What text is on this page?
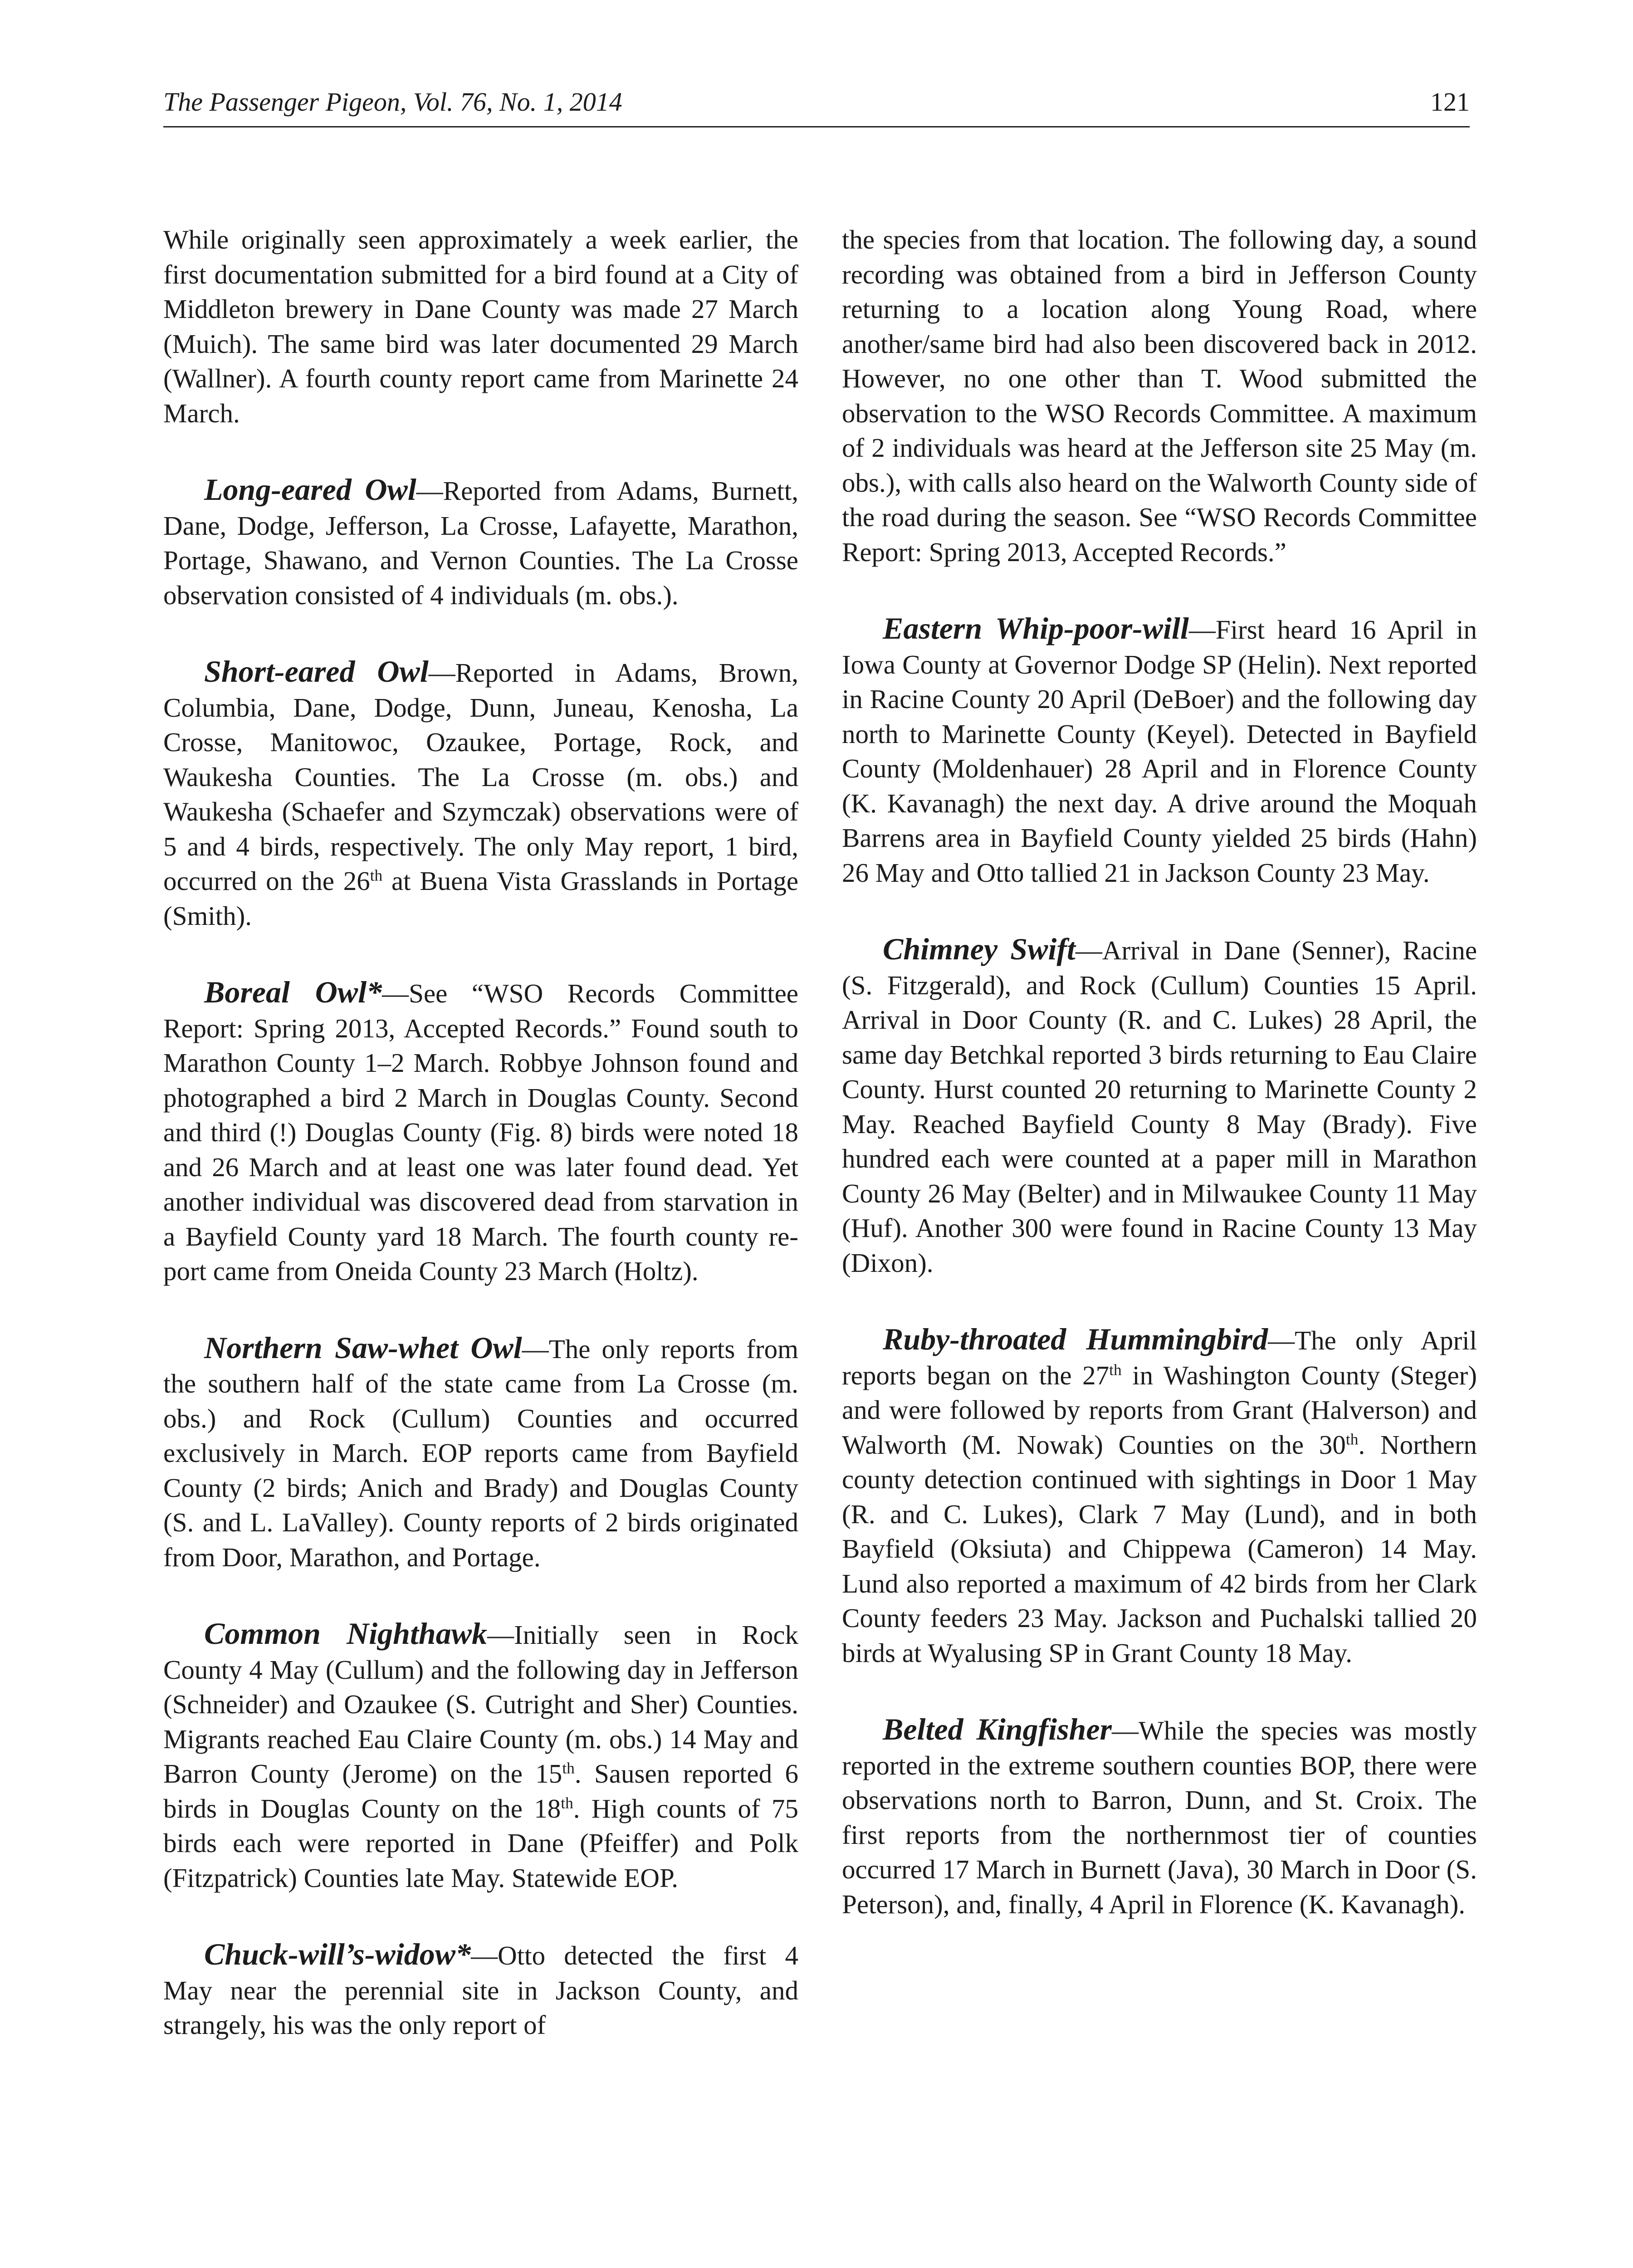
The Passenger Pigeon, Vol. 76, No. 1, 2014	121

While originally seen approximately a week earlier, the first documentation submitted for a bird found at a City of Middleton brewery in Dane County was made 27 March (Muich). The same bird was later documented 29 March (Wallner). A fourth county report came from Marinette 24 March.

Long-eared Owl—Reported from Adams, Burnett, Dane, Dodge, Jefferson, La Crosse, Lafayette, Marathon, Portage, Shawano, and Vernon Counties. The La Crosse observation consisted of 4 individuals (m. obs.).

Short-eared Owl—Reported in Adams, Brown, Columbia, Dane, Dodge, Dunn, Juneau, Kenosha, La Crosse, Manitowoc, Ozaukee, Portage, Rock, and Waukesha Counties. The La Crosse (m. obs.) and Waukesha (Schaefer and Szymczak) observations were of 5 and 4 birds, respectively. The only May report, 1 bird, occurred on the 26th at Buena Vista Grasslands in Portage (Smith).

Boreal Owl*—See “WSO Records Committee Report: Spring 2013, Accepted Records.” Found south to Marathon County 1–2 March. Robbye Johnson found and photographed a bird 2 March in Douglas County. Second and third (!) Douglas County (Fig. 8) birds were noted 18 and 26 March and at least one was later found dead. Yet another individual was discovered dead from starvation in a Bayfield County yard 18 March. The fourth county report came from Oneida County 23 March (Holtz).

Northern Saw-whet Owl—The only reports from the southern half of the state came from La Crosse (m. obs.) and Rock (Cullum) Counties and occurred exclusively in March. EOP reports came from Bayfield County (2 birds; Anich and Brady) and Douglas County (S. and L. LaValley). County reports of 2 birds originated from Door, Marathon, and Portage.

Common Nighthawk—Initially seen in Rock County 4 May (Cullum) and the following day in Jefferson (Schneider) and Ozaukee (S. Cutright and Sher) Counties. Migrants reached Eau Claire County (m. obs.) 14 May and Barron County (Jerome) on the 15th. Sausen reported 6 birds in Douglas County on the 18th. High counts of 75 birds each were reported in Dane (Pfeiffer) and Polk (Fitzpatrick) Counties late May. Statewide EOP.

Chuck-will’s-widow*—Otto detected the first 4 May near the perennial site in Jackson County, and strangely, his was the only report of

the species from that location. The following day, a sound recording was obtained from a bird in Jefferson County returning to a location along Young Road, where another/same bird had also been discovered back in 2012. However, no one other than T. Wood submitted the observation to the WSO Records Committee. A maximum of 2 individuals was heard at the Jefferson site 25 May (m. obs.), with calls also heard on the Walworth County side of the road during the season. See “WSO Records Committee Report: Spring 2013, Accepted Records.”

Eastern Whip-poor-will—First heard 16 April in Iowa County at Governor Dodge SP (Helin). Next reported in Racine County 20 April (DeBoer) and the following day north to Marinette County (Keyel). Detected in Bayfield County (Moldenhauer) 28 April and in Florence County (K. Kavanagh) the next day. A drive around the Moquah Barrens area in Bayfield County yielded 25 birds (Hahn) 26 May and Otto tallied 21 in Jackson County 23 May.

Chimney Swift—Arrival in Dane (Senner), Racine (S. Fitzgerald), and Rock (Cullum) Counties 15 April. Arrival in Door County (R. and C. Lukes) 28 April, the same day Betchkal reported 3 birds returning to Eau Claire County. Hurst counted 20 returning to Marinette County 2 May. Reached Bayfield County 8 May (Brady). Five hundred each were counted at a paper mill in Marathon County 26 May (Belter) and in Milwaukee County 11 May (Huf). Another 300 were found in Racine County 13 May (Dixon).

Ruby-throated Hummingbird—The only April reports began on the 27th in Washington County (Steger) and were followed by reports from Grant (Halverson) and Walworth (M. Nowak) Counties on the 30th. Northern county detection continued with sightings in Door 1 May (R. and C. Lukes), Clark 7 May (Lund), and in both Bayfield (Oksiuta) and Chippewa (Cameron) 14 May. Lund also reported a maximum of 42 birds from her Clark County feeders 23 May. Jackson and Puchalski tallied 20 birds at Wyalusing SP in Grant County 18 May.

Belted Kingfisher—While the species was mostly reported in the extreme southern counties BOP, there were observations north to Barron, Dunn, and St. Croix. The first reports from the northernmost tier of counties occurred 17 March in Burnett (Java), 30 March in Door (S. Peterson), and, finally, 4 April in Florence (K. Kavanagh).
